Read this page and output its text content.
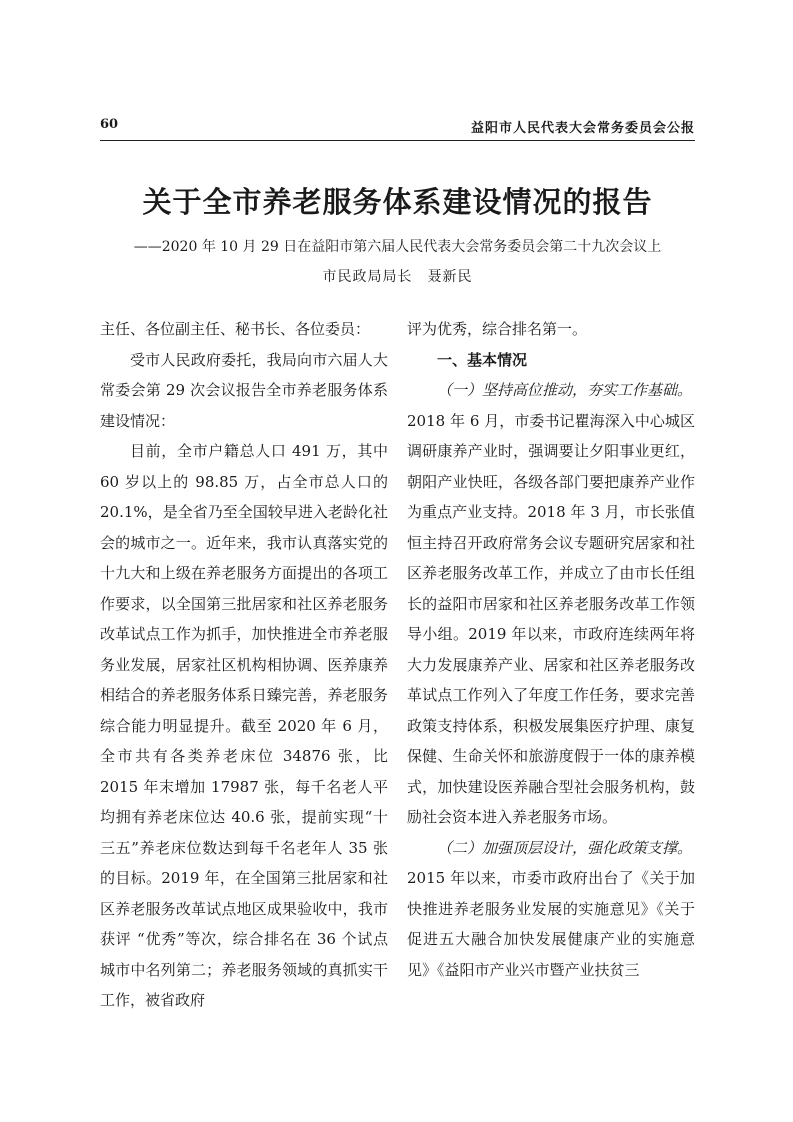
60	益阳市人民代表大会常务委员会公报
关于全市养老服务体系建设情况的报告
——2020 年 10 月 29 日在益阳市第六届人民代表大会常务委员会第二十九次会议上
市民政局局长　聂新民

主任、各位副主任、秘书长、各位委员：

受市人民政府委托，我局向市六届人大常委会第 29 次会议报告全市养老服务体系建设情况：

目前，全市户籍总人口 491 万，其中 60 岁以上的 98.85 万，占全市总人口的 20.1%，是全省乃至全国较早进入老龄化社会的城市之一。近年来，我市认真落实党的十九大和上级在养老服务方面提出的各项工作要求，以全国第三批居家和社区养老服务改革试点工作为抓手，加快推进全市养老服务业发展，居家社区机构相协调、医养康养相结合的养老服务体系日臻完善，养老服务综合能力明显提升。截至 2020 年 6 月，全市共有各类养老床位 34876 张，比 2015 年末增加 17987 张，每千名老人平均拥有养老床位达 40.6 张，提前实现“十三五”养老床位数达到每千名老年人 35 张的目标。2019 年，在全国第三批居家和社区养老服务改革试点地区成果验收中，我市获评 “优秀”等次，综合排名在 36 个试点城市中名列第二；养老服务领域的真抓实干工作，被省政府

评为优秀，综合排名第一。

一、基本情况

（一）坚持高位推动，夯实工作基础。

2018 年 6 月，市委书记瞿海深入中心城区调研康养产业时，强调要让夕阳事业更红，朝阳产业快旺，各级各部门要把康养产业作为重点产业支持。2018 年 3 月，市长张值恒主持召开政府常务会议专题研究居家和社区养老服务改革工作，并成立了由市长任组长的益阳市居家和社区养老服务改革工作领导小组。2019 年以来，市政府连续两年将大力发展康养产业、居家和社区养老服务改革试点工作列入了年度工作任务，要求完善政策支持体系，积极发展集医疗护理、康复保健、生命关怀和旅游度假于一体的康养模式，加快建设医养融合型社会服务机构，鼓励社会资本进入养老服务市场。

（二）加强顶层设计，强化政策支撑。

2015 年以来，市委市政府出台了《关于加快推进养老服务业发展的实施意见》《关于促进五大融合加快发展健康产业的实施意见》《益阳市产业兴市暨产业扶贫三
